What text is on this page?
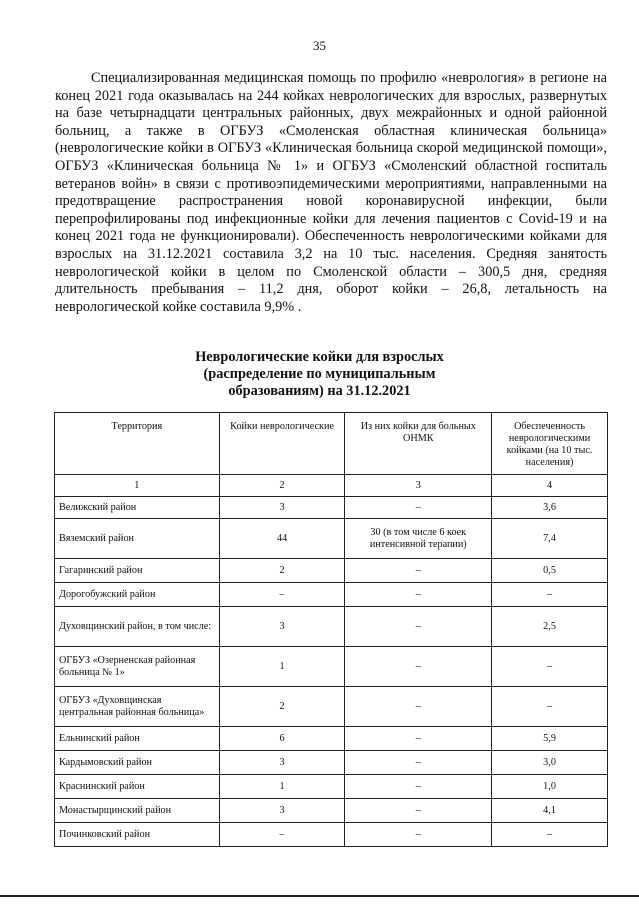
35

Специализированная медицинская помощь по профилю «неврология» в регионе на конец 2021 года оказывалась на 244 койках неврологических для взрослых, развернутых на базе четырнадцати центральных районных, двух межрайонных и одной районной больниц, а также в ОГБУЗ «Смоленская областная клиническая больница» (неврологические койки в ОГБУЗ «Клиническая больница скорой медицинской помощи», ОГБУЗ «Клиническая больница № 1» и ОГБУЗ «Смоленский областной госпиталь ветеранов войн» в связи с противоэпидемическими мероприятиями, направленными на предотвращение распространения новой коронавирусной инфекции, были перепрофилированы под инфекционные койки для лечения пациентов с Covid-19 и на конец 2021 года не функционировали). Обеспеченность неврологическими койками для взрослых на 31.12.2021 составила 3,2 на 10 тыс. населения. Средняя занятость неврологической койки в целом по Смоленской области – 300,5 дня, средняя длительность пребывания – 11,2 дня, оборот койки – 26,8, летальность на неврологической койке составила 9,9% .

Неврологические койки для взрослых
(распределение по муниципальным
образованиям) на 31.12.2021
Территория	Койки неврологические	Из них койки для больных ОНМК	Обеспеченность неврологическими койками (на 10 тыс. населения)
1	2	3	4
Велижский район	3	–	3,6
Вяземский район	44	30 (в том числе 6 коек интенсивной терапии)	7,4
Гагаринский район	2	–	0,5
Дорогобужский район	–	–	–
Духовщинский район, в том числе:	3	–	2,5
ОГБУЗ «Озерненская районная больница № 1»	1	–	–
ОГБУЗ «Духовщинская центральная районная больница»	2	–	–
Ельнинский район	6	–	5,9
Кардымовский район	3	–	3,0
Краснинский район	1	–	1,0
Монастырщинский район	3	–	4,1
Починковский район	–	–	–
